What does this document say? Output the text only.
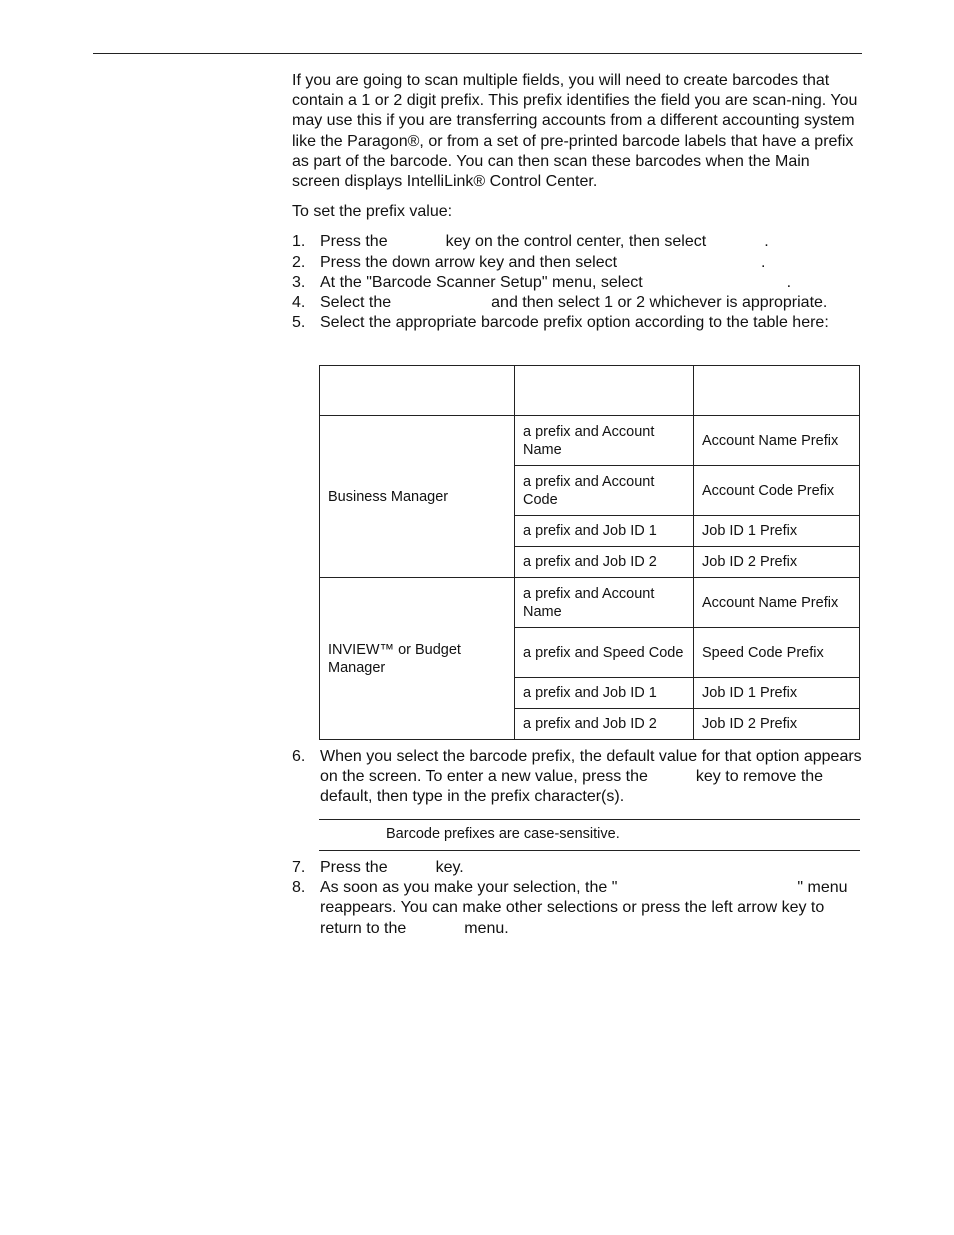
If you are going to scan multiple fields, you will need to create barcodes that contain a 1 or 2 digit prefix. This prefix identifies the field you are scan-ning. You may use this if you are transferring accounts from a different accounting system like the Paragon®, or from a set of pre-printed barcode labels that have a prefix as part of the barcode. You can then scan these barcodes when the Main screen displays IntelliLink® Control Center.

To set the prefix value:

1. Press the	key on the control center, then select	.
2. Press the down arrow key and then select	.
3. At the "Barcode Scanner Setup" menu, select	.
4. Select the	and then select 1 or 2 whichever is appropriate.
5. Select the appropriate barcode prefix option according to the table here:

Business Manager	a prefix and Account Name	Account Name Prefix
	a prefix and Account Code	Account Code Prefix
	a prefix and Job ID 1	Job ID 1 Prefix
	a prefix and Job ID 2	Job ID 2 Prefix
INVIEW™ or Budget Manager	a prefix and Account Name	Account Name Prefix
	a prefix and Speed Code	Speed Code Prefix
	a prefix and Job ID 1	Job ID 1 Prefix
	a prefix and Job ID 2	Job ID 2 Prefix
6. When you select the barcode prefix, the default value for that option appears on the screen. To enter a new value, press the	key to remove the default, then type in the prefix character(s).
Barcode prefixes are case-sensitive.
7. Press the	key.
8. As soon as you make your selection, the "	" menu reappears. You can make other selections or press the left arrow key to return to the	menu.
